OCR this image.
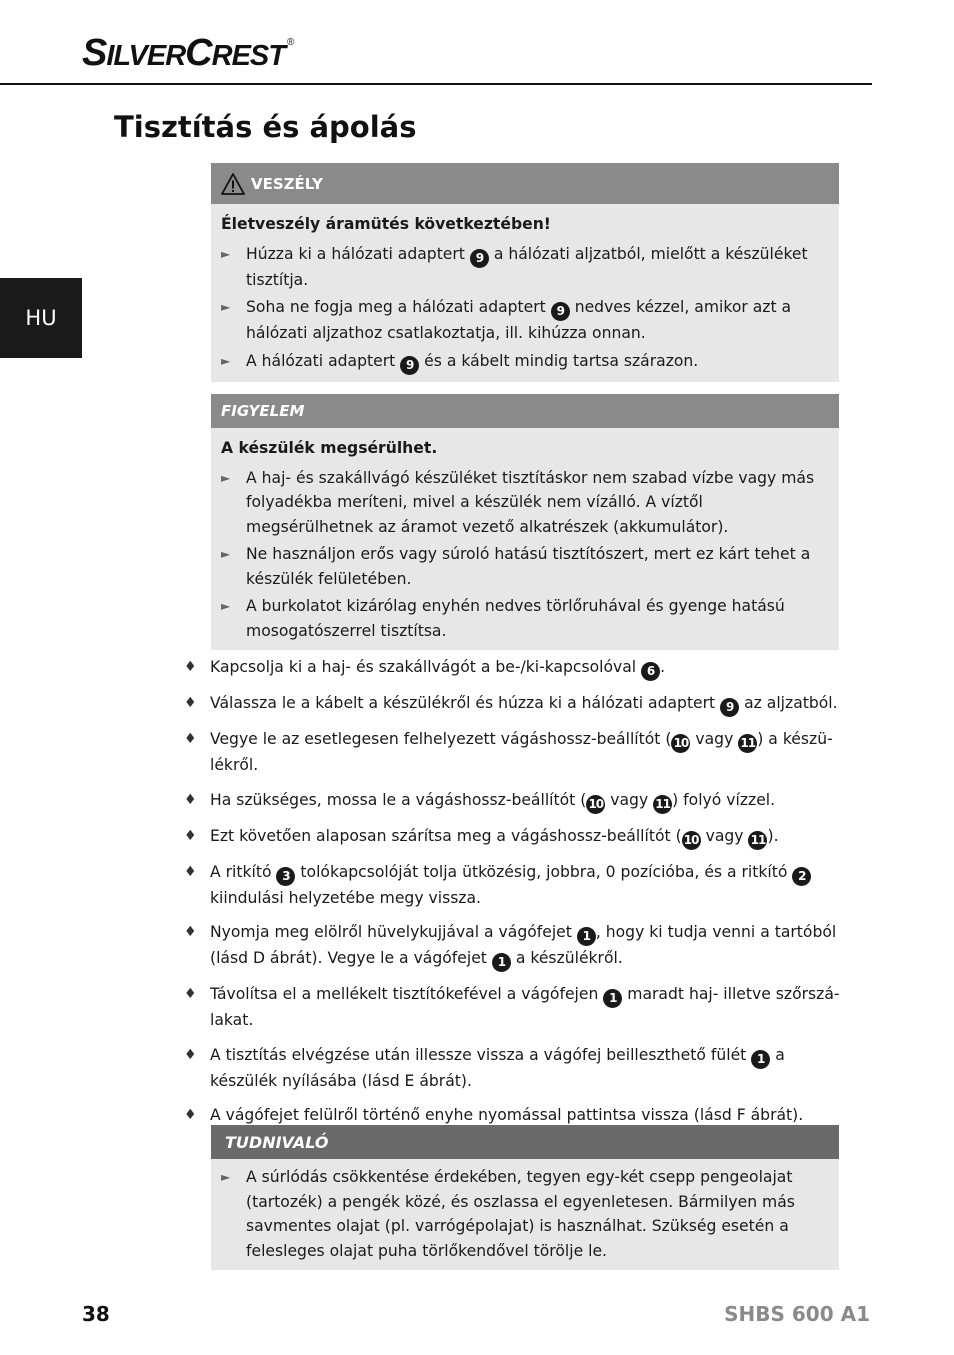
SILVERCREST ®
HU
Tisztítás és ápolás
VESZÉLY
Életveszély áramütés következtében!
► Húzza ki a hálózati adaptert 9 a hálózati aljzatból, mielőtt a készüléket tisztítja.
► Soha ne fogja meg a hálózati adaptert 9 nedves kézzel, amikor azt a hálózati aljzathoz csatlakoztatja, ill. kihúzza onnan.
► A hálózati adaptert 9 és a kábelt mindig tartsa szárazon.
FIGYELEM
A készülék megsérülhet.
► A haj- és szakállvágó készüléket tisztításkor nem szabad vízbe vagy más folyadékba meríteni, mivel a készülék nem vízálló. A víztől megsérülhetnek az áramot vezető alkatrészek (akkumulátor).
► Ne használjon erős vagy súroló hatású tisztítószert, mert ez kárt tehet a készülék felületében.
► A burkolatot kizárólag enyhén nedves törlőruhával és gyenge hatású mosogatószerrel tisztítsa.
♦ Kapcsolja ki a haj- és szakállvágót a be-/ki-kapcsolóval 6 .
♦ Válassza le a kábelt a készülékről és húzza ki a hálózati adaptert 9 az aljzatból.
♦ Vegye le az esetlegesen felhelyezett vágáshossz-beállítót ( 10 vagy 11 ) a készü-lékről.
♦ Ha szükséges, mossa le a vágáshossz-beállítót ( 10 vagy 11 ) folyó vízzel.
♦ Ezt követően alaposan szárítsa meg a vágáshossz-beállítót ( 10 vagy 11 ).
♦ A ritkító 3 tolókapcsolóját tolja ütközésig, jobbra, 0 pozícióba, és a ritkító 2 kiindulási helyzetébe megy vissza.
♦ Nyomja meg elölről hüvelykujjával a vágófejet 1 , hogy ki tudja venni a tartóból (lásd D ábrát). Vegye le a vágófejet 1 a készülékről.
♦ Távolítsa el a mellékelt tisztítókefével a vágófejen 1 maradt haj- illetve szőrszá-lakat.
♦ A tisztítás elvégzése után illessze vissza a vágófej beilleszthető fülét 1 a készülék nyílásába (lásd E ábrát).
♦ A vágófejet felülről történő enyhe nyomással pattintsa vissza (lásd F ábrát).
TUDNIVALÓ
► A súrlódás csökkentése érdekében, tegyen egy-két csepp pengeolajat (tartozék) a pengék közé, és oszlassa el egyenletesen. Bármilyen más savmentes olajat (pl. varrógépolajat) is használhat. Szükség esetén a felesleges olajat puha törlőkendővel törölje le.
38	SHBS 600 A1
